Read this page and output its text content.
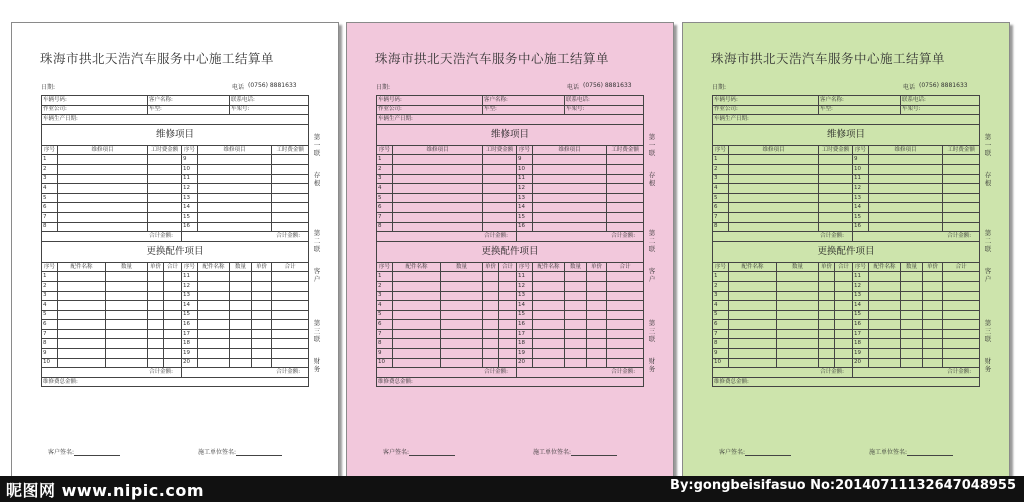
珠海市拱北天浩汽车服务中心施工结算单
日期:	电话 (0756) 8881633
车辆号码:			客户名称:				联系电话:		
作业公司:			车型:				车架号:		
车辆生产日期:									
维修项目									
序号	维修项目		工时费金额		序号	维修项目			工时费金额
1					9				
2					10				
3					11				
4					12				
5					13				
6					14				
7					15				
8					16				
合计金额:					合计金额:				
更换配件项目									
序号	配件名称	数量	单价	合计	序号	配件名称	数量	单价	合计
1					11				
2					12				
3					13				
4					14				
5					15				
6					16				
7					17				
8					18				
9					19				
10					20				
合计金额:					合计金额:				
维修费总金额:									
第一联
存根
第二联
客户
第三联
财务
客户签名:	施工单位签名:
珠海市拱北天浩汽车服务中心施工结算单
日期:	电话 (0756) 8881633
车辆号码:			客户名称:				联系电话:		
作业公司:			车型:				车架号:		
车辆生产日期:									
维修项目									
序号	维修项目		工时费金额		序号	维修项目			工时费金额
1					9				
2					10				
3					11				
4					12				
5					13				
6					14				
7					15				
8					16				
合计金额:					合计金额:				
更换配件项目									
序号	配件名称	数量	单价	合计	序号	配件名称	数量	单价	合计
1					11				
2					12				
3					13				
4					14				
5					15				
6					16				
7					17				
8					18				
9					19				
10					20				
合计金额:					合计金额:				
维修费总金额:									
第一联
存根
第二联
客户
第三联
财务
客户签名:	施工单位签名:
珠海市拱北天浩汽车服务中心施工结算单
日期:	电话 (0756) 8881633
车辆号码:			客户名称:				联系电话:		
作业公司:			车型:				车架号:		
车辆生产日期:									
维修项目									
序号	维修项目		工时费金额		序号	维修项目			工时费金额
1					9				
2					10				
3					11				
4					12				
5					13				
6					14				
7					15				
8					16				
合计金额:					合计金额:				
更换配件项目									
序号	配件名称	数量	单价	合计	序号	配件名称	数量	单价	合计
1					11				
2					12				
3					13				
4					14				
5					15				
6					16				
7					17				
8					18				
9					19				
10					20				
合计金额:					合计金额:				
维修费总金额:									
第一联
存根
第二联
客户
第三联
财务
客户签名:	施工单位签名:
昵图网 www.nipic.com	By:gongbeisifasuo No:20140711132647048955
